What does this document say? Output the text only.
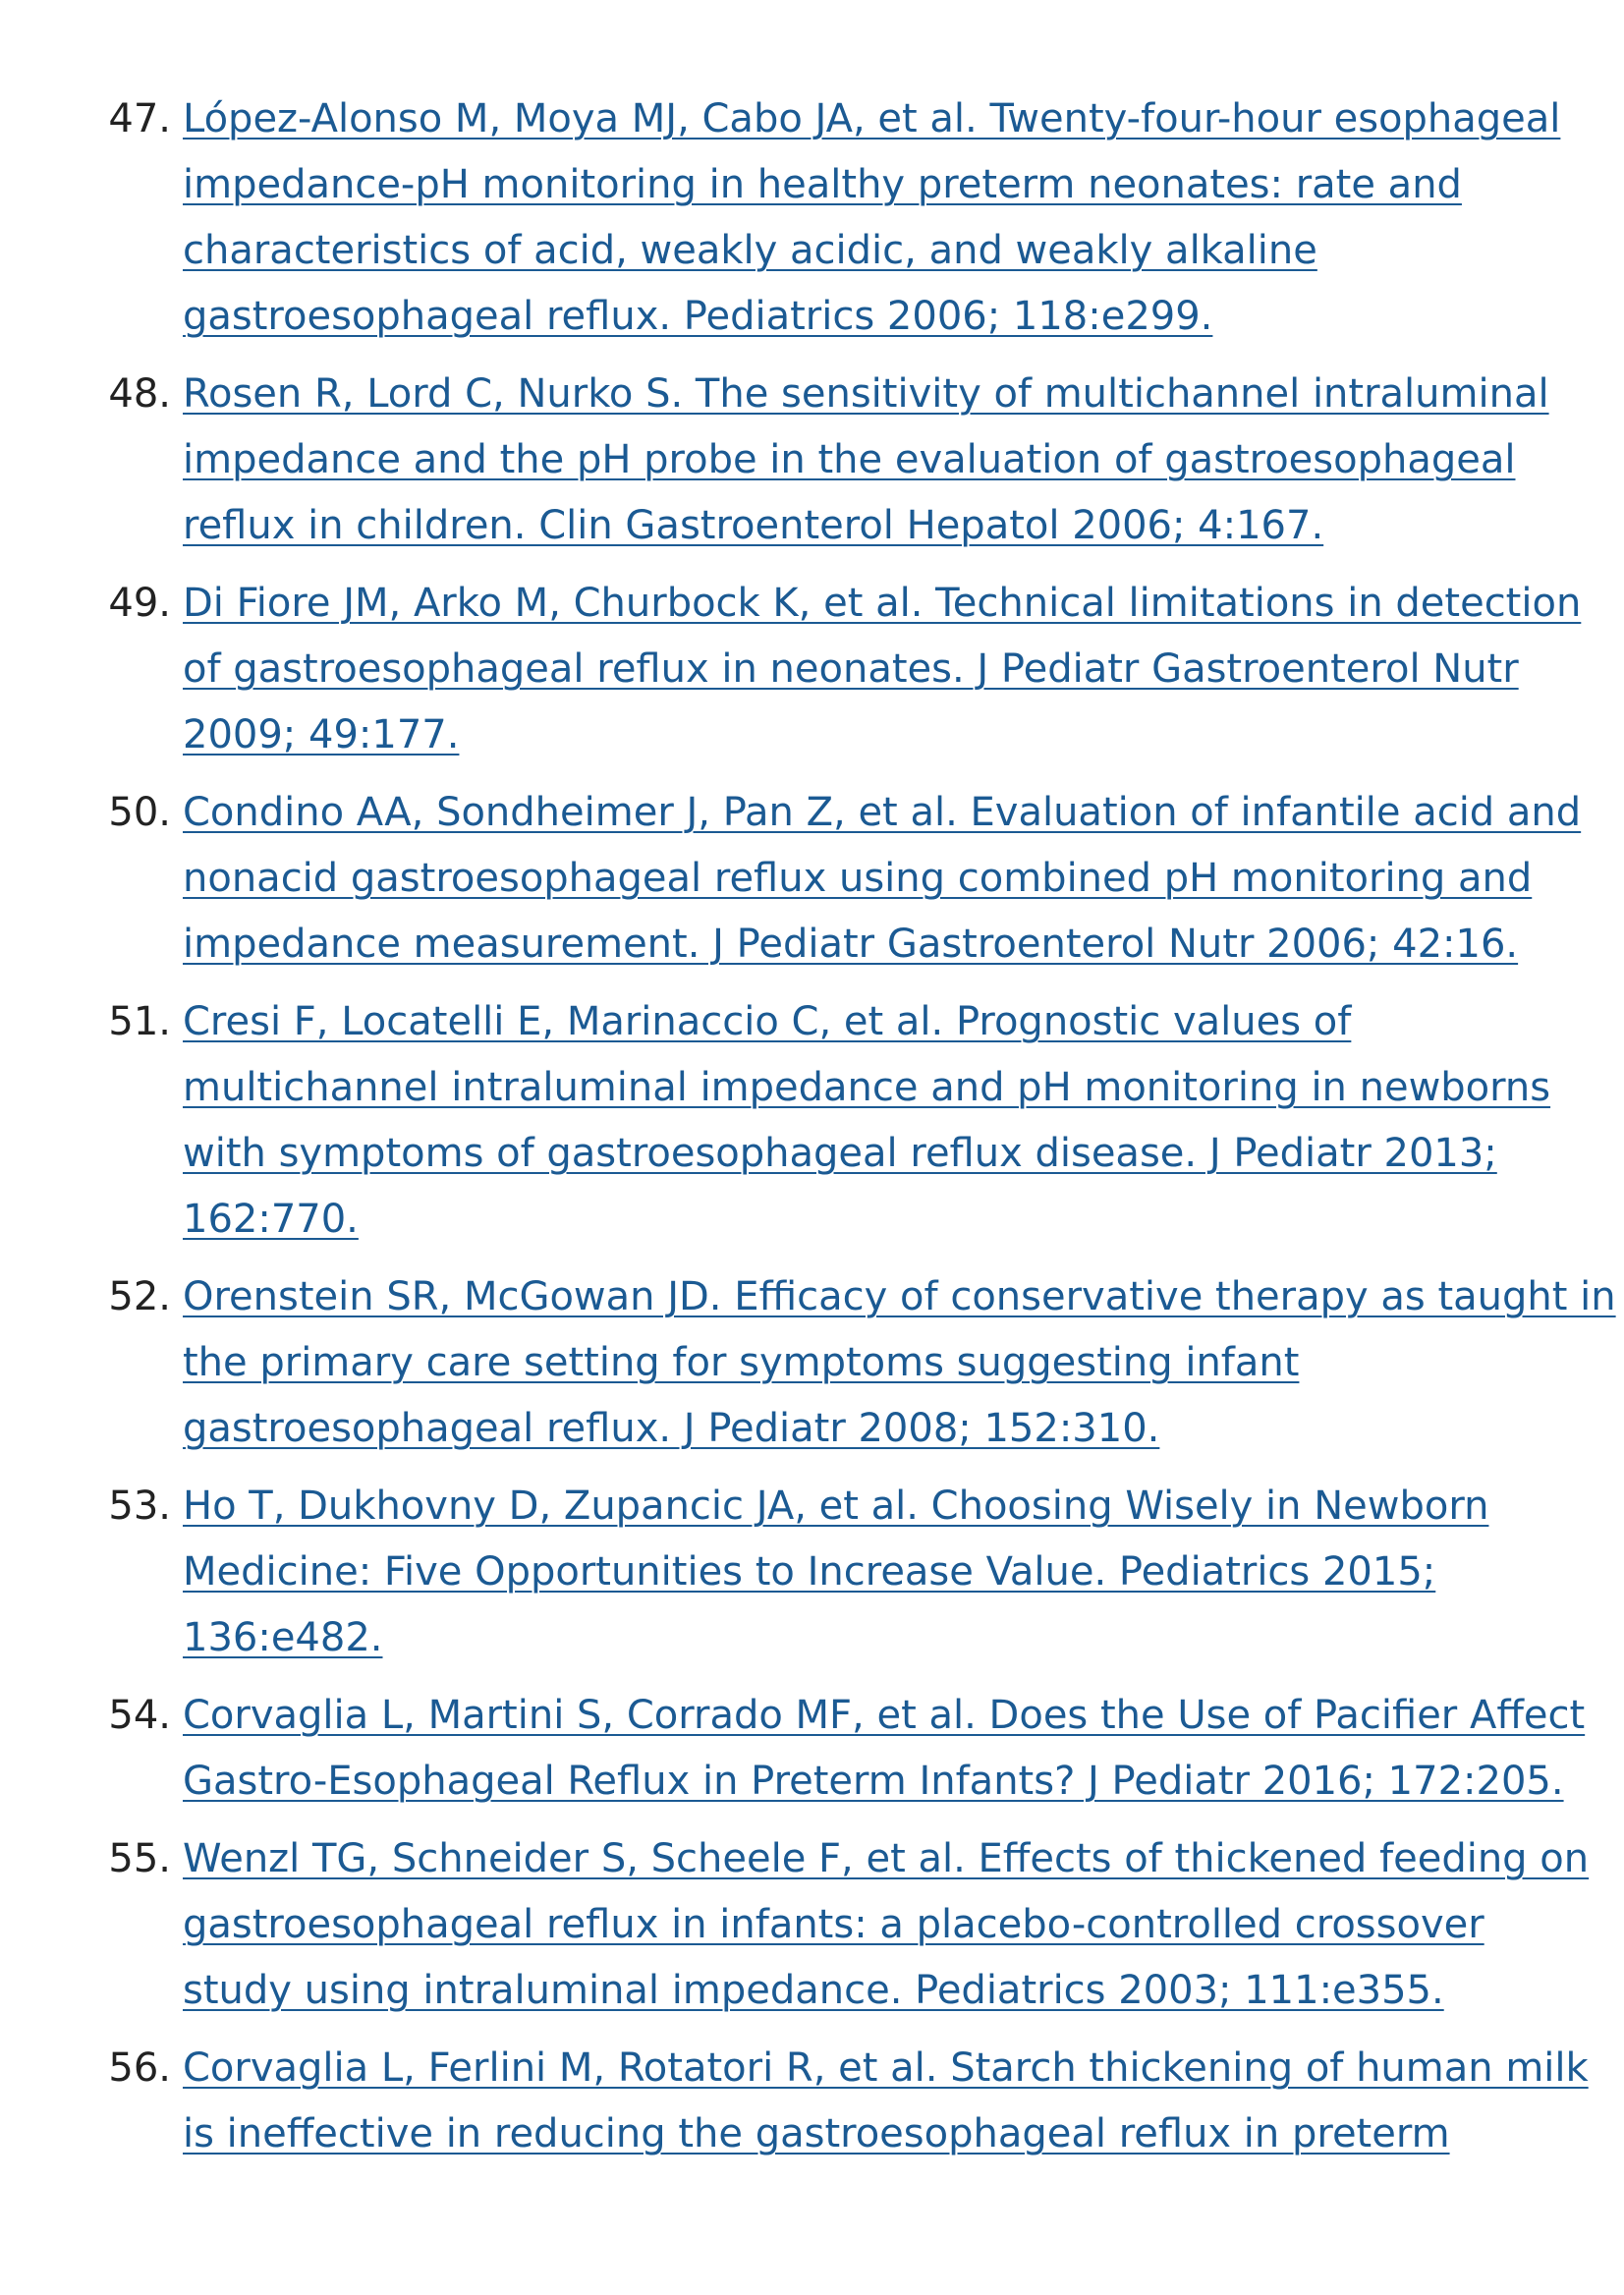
47. López-Alonso M, Moya MJ, Cabo JA, et al. Twenty-four-hour esophageal
impedance-pH monitoring in healthy preterm neonates: rate and
characteristics of acid, weakly acidic, and weakly alkaline
gastroesophageal reflux. Pediatrics 2006; 118:e299.
48. Rosen R, Lord C, Nurko S. The sensitivity of multichannel intraluminal
impedance and the pH probe in the evaluation of gastroesophageal
reflux in children. Clin Gastroenterol Hepatol 2006; 4:167.
49. Di Fiore JM, Arko M, Churbock K, et al. Technical limitations in detection
of gastroesophageal reflux in neonates. J Pediatr Gastroenterol Nutr
2009; 49:177.
50. Condino AA, Sondheimer J, Pan Z, et al. Evaluation of infantile acid and
nonacid gastroesophageal reflux using combined pH monitoring and
impedance measurement. J Pediatr Gastroenterol Nutr 2006; 42:16.
51. Cresi F, Locatelli E, Marinaccio C, et al. Prognostic values of
multichannel intraluminal impedance and pH monitoring in newborns
with symptoms of gastroesophageal reflux disease. J Pediatr 2013;
162:770.
52. Orenstein SR, McGowan JD. Efficacy of conservative therapy as taught in
the primary care setting for symptoms suggesting infant
gastroesophageal reflux. J Pediatr 2008; 152:310.
53. Ho T, Dukhovny D, Zupancic JA, et al. Choosing Wisely in Newborn
Medicine: Five Opportunities to Increase Value. Pediatrics 2015;
136:e482.
54. Corvaglia L, Martini S, Corrado MF, et al. Does the Use of Pacifier Affect
Gastro-Esophageal Reflux in Preterm Infants? J Pediatr 2016; 172:205.
55. Wenzl TG, Schneider S, Scheele F, et al. Effects of thickened feeding on
gastroesophageal reflux in infants: a placebo-controlled crossover
study using intraluminal impedance. Pediatrics 2003; 111:e355.
56. Corvaglia L, Ferlini M, Rotatori R, et al. Starch thickening of human milk
is ineffective in reducing the gastroesophageal reflux in preterm
